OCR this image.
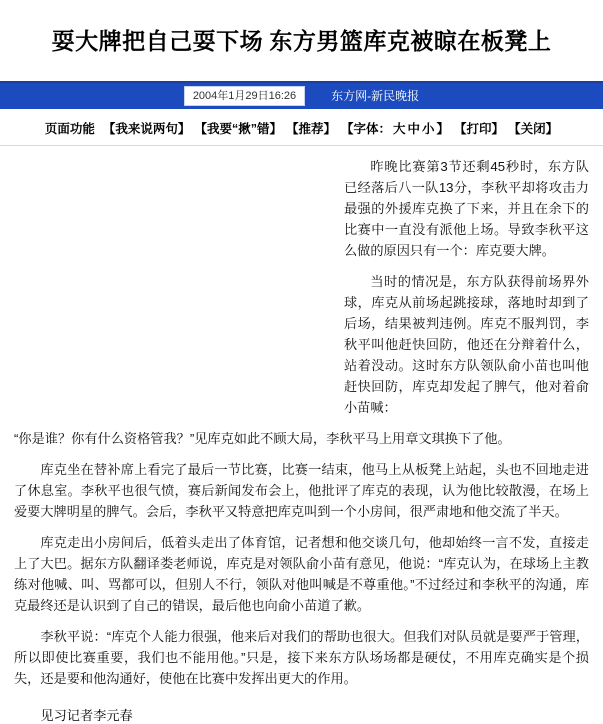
耍大牌把自己耍下场 东方男篮库克被晾在板凳上
2004年1月29日16:26	东方网-新民晚报
页面功能 【我来说两句】 【我要“揪”错】 【推荐】 【字体： 大 中 小 】 【打印】 【关闭】

昨晚比赛第3节还剩45秒时，东方队已经落后八一队13分，李秋平却将攻击力最强的外援库克换了下来，并且在余下的比赛中一直没有派他上场。导致李秋平这么做的原因只有一个：库克要大牌。

当时的情况是，东方队获得前场界外球，库克从前场起跳接球，落地时却到了后场，结果被判违例。库克不服判罚，李秋平叫他赶快回防，他还在分辩着什么，站着没动。这时东方队领队俞小苗也叫他赶快回防，库克却发起了脾气，他对着俞小苗喊：

“你是谁？你有什么资格管我？”见库克如此不顾大局，李秋平马上用章文琪换下了他。

库克坐在替补席上看完了最后一节比赛，比赛一结束，他马上从板凳上站起，头也不回地走进了休息室。李秋平也很气愤，赛后新闻发布会上，他批评了库克的表现，认为他比较散漫，在场上爱要大牌明星的脾气。会后，李秋平又特意把库克叫到一个小房间，很严肃地和他交流了半天。

库克走出小房间后，低着头走出了体育馆，记者想和他交谈几句，他却始终一言不发，直接走上了大巴。据东方队翻译娄老师说，库克是对领队俞小苗有意见，他说：“库克认为，在球场上主教练对他喊、叫、骂都可以，但别人不行，领队对他叫喊是不尊重他。”不过经过和李秋平的沟通，库克最终还是认识到了自己的错误，最后他也向俞小苗道了歉。

李秋平说：“库克个人能力很强，他来后对我们的帮助也很大。但我们对队员就是要严于管理，所以即使比赛重要，我们也不能用他。”只是，接下来东方队场场都是硬仗，不用库克确实是个损失，还是要和他沟通好，使他在比赛中发挥出更大的作用。

见习记者李元春
